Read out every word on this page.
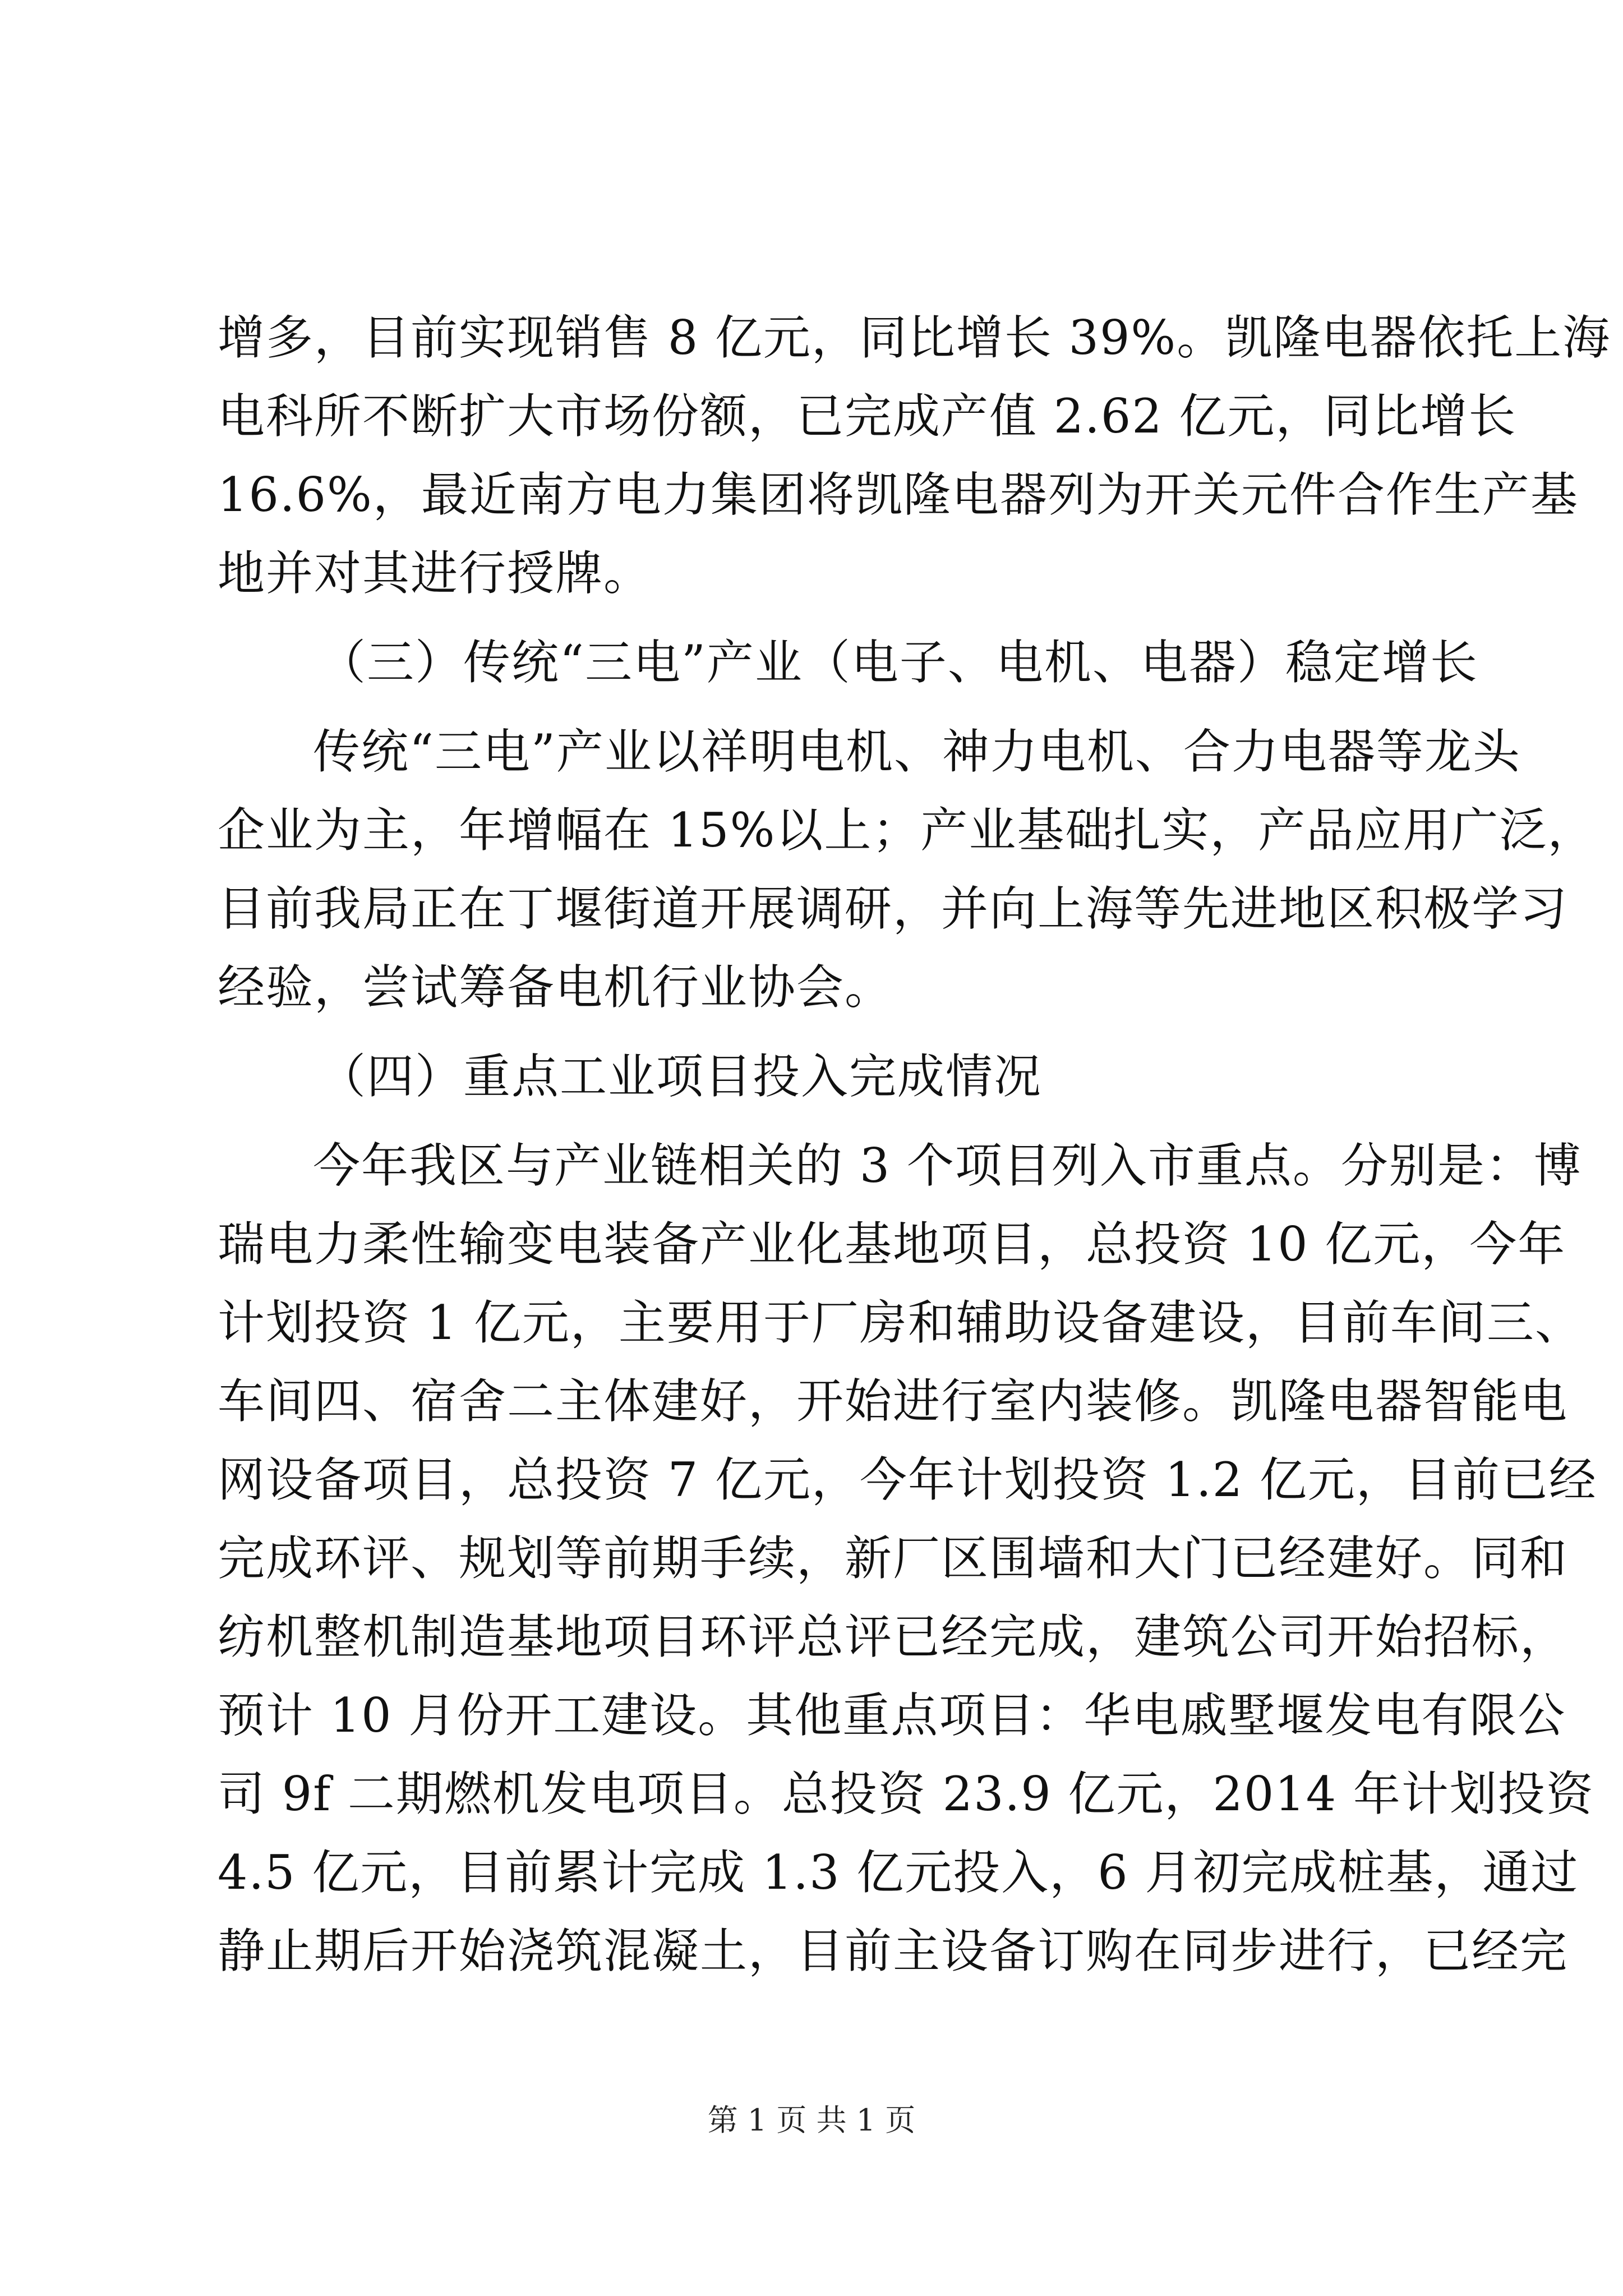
增多，目前实现销售 8 亿元，同比增长 39%。凯隆电器依托上海
电科所不断扩大市场份额，已完成产值 2.62 亿元，同比增长
16.6%，最近南方电力集团将凯隆电器列为开关元件合作生产基
地并对其进行授牌。
（三）传统“三电”产业（电子、电机、电器）稳定增长
传统“三电”产业以祥明电机、神力电机、合力电器等龙头
企业为主，年增幅在 15%以上；产业基础扎实，产品应用广泛，
目前我局正在丁堰街道开展调研，并向上海等先进地区积极学习
经验，尝试筹备电机行业协会。
（四）重点工业项目投入完成情况
今年我区与产业链相关的 3 个项目列入市重点。分别是：博
瑞电力柔性输变电装备产业化基地项目，总投资 10 亿元，今年
计划投资 1 亿元，主要用于厂房和辅助设备建设，目前车间三、
车间四、宿舍二主体建好，开始进行室内装修。凯隆电器智能电
网设备项目，总投资 7 亿元，今年计划投资 1.2 亿元，目前已经
完成环评、规划等前期手续，新厂区围墙和大门已经建好。同和
纺机整机制造基地项目环评总评已经完成，建筑公司开始招标，
预计 10 月份开工建设。其他重点项目：华电戚墅堰发电有限公
司 9f 二期燃机发电项目。总投资 23.9 亿元，2014 年计划投资
4.5 亿元，目前累计完成 1.3 亿元投入，6 月初完成桩基，通过
静止期后开始浇筑混凝土，目前主设备订购在同步进行，已经完
第 1 页 共 1 页
